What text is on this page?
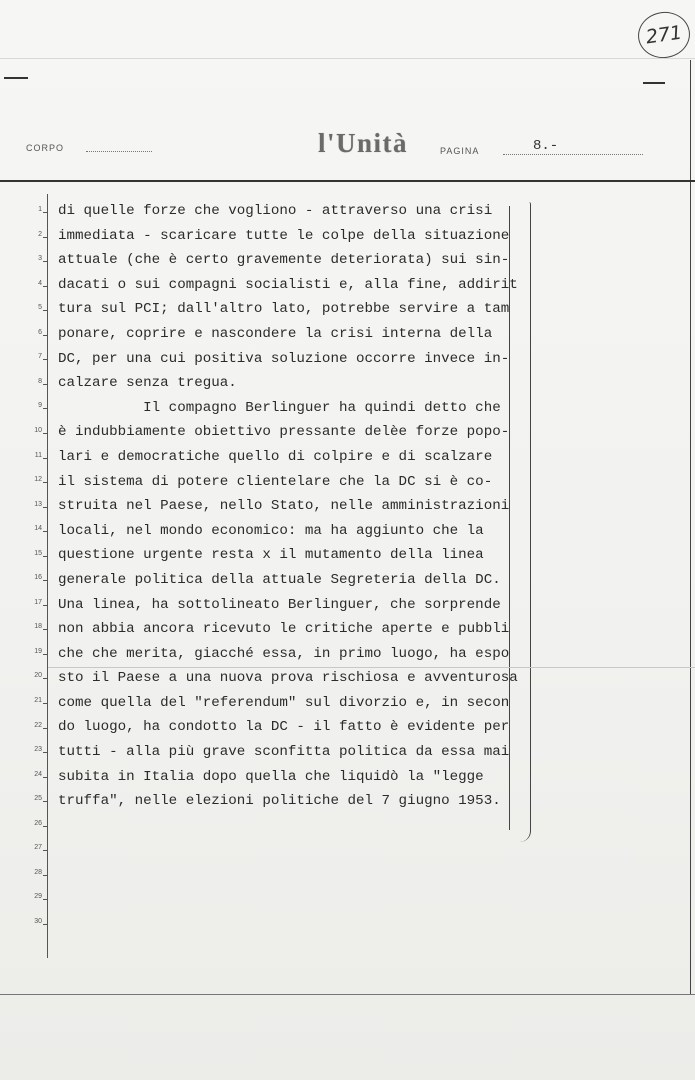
271
CORPO	l'Unità	PAGINA	8.-
1
2
3
4
5
6
7
8
9
10
11
12
13
14
15
16
17
18
19
20
21
22
23
24
25
26
27
28
29
30
di quelle forze che vogliono - attraverso una crisi
immediata - scaricare tutte le colpe della situazione
attuale (che è certo gravemente deteriorata) sui sin-
dacati o sui compagni socialisti e, alla fine, addirit
tura sul PCI; dall'altro lato, potrebbe servire a tam
ponare, coprire e nascondere la crisi interna della
DC, per una cui positiva soluzione occorre invece in-
calzare senza tregua.
Il compagno Berlinguer ha quindi detto che
è indubbiamente obiettivo pressante delèe forze popo-
lari e democratiche quello di colpire e di scalzare
il sistema di potere clientelare che la DC si è co-
struita nel Paese, nello Stato, nelle amministrazioni
locali, nel mondo economico: ma ha aggiunto che la
questione urgente resta x il mutamento della linea
generale politica della attuale Segreteria della DC.
Una linea, ha sottolineato Berlinguer, che sorprende
non abbia ancora ricevuto le critiche aperte e pubbli
che che merita, giacché essa, in primo luogo, ha espo
sto il Paese a una nuova prova rischiosa e avventurosa
come quella del "referendum" sul divorzio e, in secon
do luogo, ha condotto la DC - il fatto è evidente per
tutti - alla più grave sconfitta politica da essa mai
subita in Italia dopo quella che liquidò la "legge
truffa", nelle elezioni politiche del 7 giugno 1953.
